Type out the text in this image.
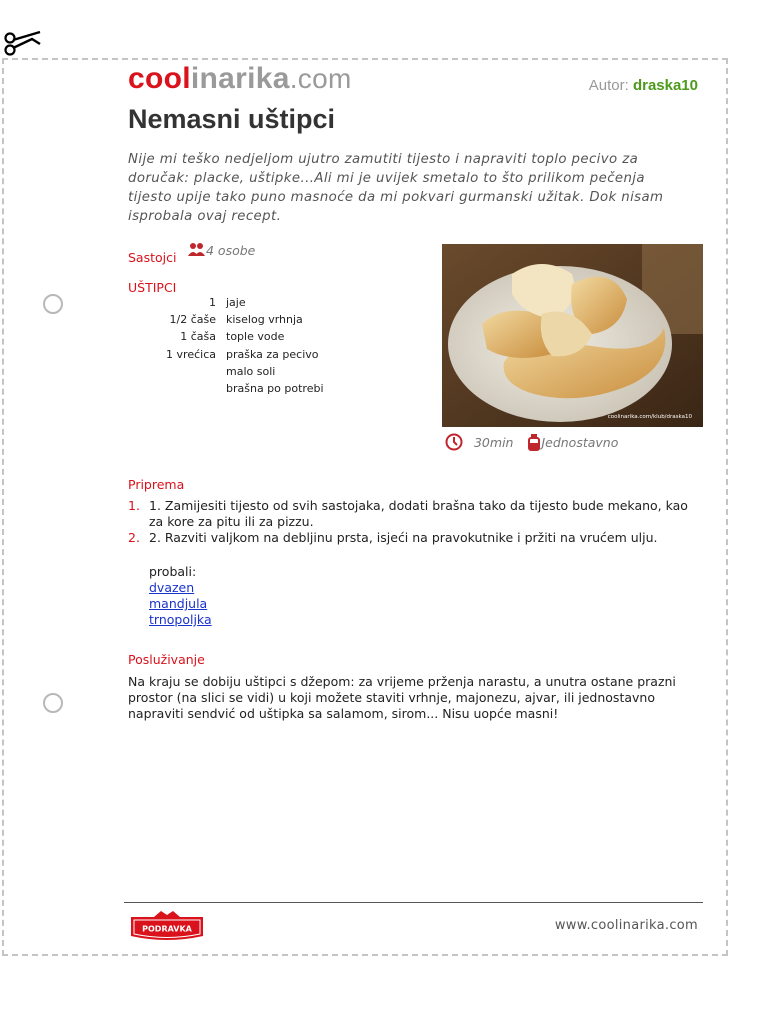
coolinarika.com	Autor: draska10
Nemasni uštipci
Nije mi teško nedjeljom ujutro zamutiti tijesto i napraviti toplo pecivo za doručak: placke, uštipke...Ali mi je uvijek smetalo to što prilikom pečenja tijesto upije tako puno masnoće da mi pokvari gurmanski užitak. Dok nisam isprobala ovaj recept.
Sastojci	4 osobe
UŠTIPCI
1	jaje
1/2 čaše	kiselog vrhnja
1 čaša	tople vode
1 vrećica	praška za pecivo
	malo soli
	brašna po potrebi
coolinarika.com/klub/draska10
30min Jednostavno
Priprema
1. 1. Zamijesiti tijesto od svih sastojaka, dodati brašna tako da tijesto bude mekano, kao za kore za pitu ili za pizzu.
2. 2. Razviti valjkom na debljinu prsta, isjeći na pravokutnike i pržiti na vrućem ulju.
probali:
dvazen
mandjula
trnopoljka
Posluživanje
Na kraju se dobiju uštipci s džepom: za vrijeme prženja narastu, a unutra ostane prazni prostor (na slici se vidi) u koji možete staviti vrhnje, majonezu, ajvar, ili jednostavno napraviti sendvić od uštipka sa salamom, sirom... Nisu uopće masni!
PODRAVKA	www.coolinarika.com
